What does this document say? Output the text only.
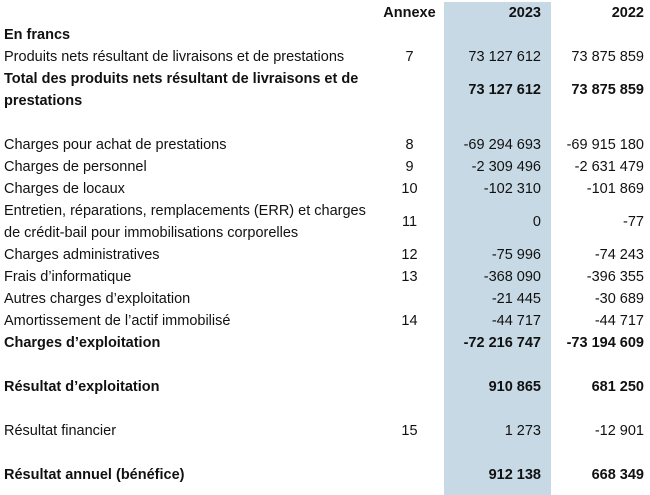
	Annexe	2023	2022
En francs			
Produits nets résultant de livraisons et de prestations	7	73 127 612	73 875 859
Total des produits nets résultant de livraisons et de prestations		73 127 612	73 875 859

Charges pour achat de prestations	8	-69 294 693	-69 915 180
Charges de personnel	9	-2 309 496	-2 631 479
Charges de locaux	10	-102 310	-101 869
Entretien, réparations, remplacements (ERR) et charges de crédit-bail pour immobilisations corporelles	11	0	-77
Charges administratives	12	-75 996	-74 243
Frais d’informatique	13	-368 090	-396 355
Autres charges d’exploitation		-21 445	-30 689
Amortissement de l’actif immobilisé	14	-44 717	-44 717
Charges d’exploitation		-72 216 747	-73 194 609

Résultat d’exploitation		910 865	681 250

Résultat financier	15	1 273	-12 901

Résultat annuel (bénéfice)		912 138	668 349
